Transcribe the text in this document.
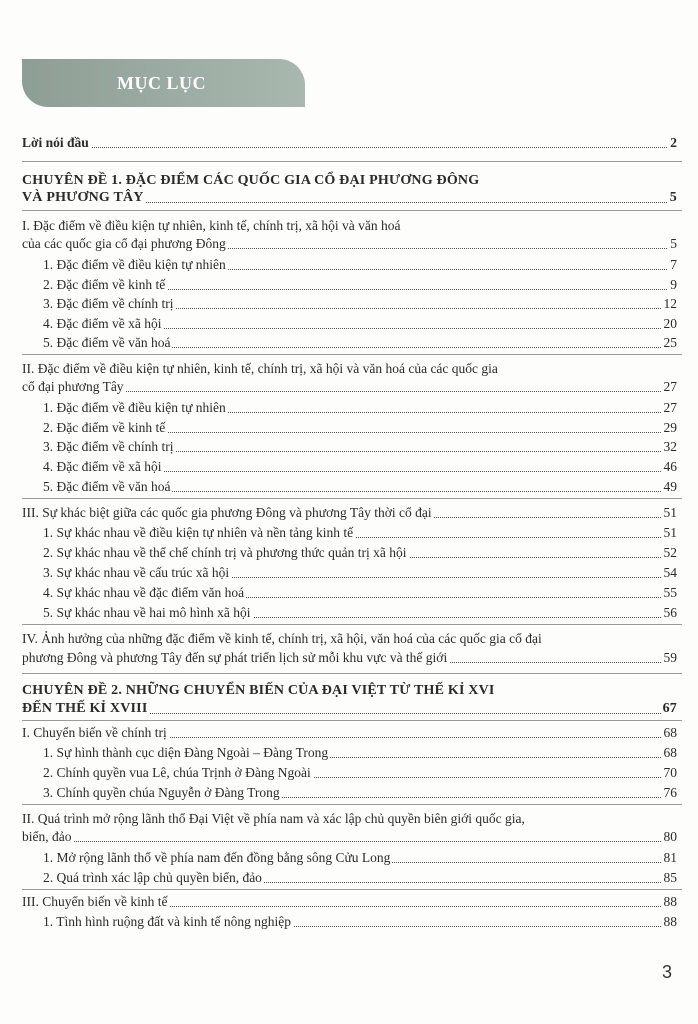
MỤC LỤC
Lời nói đầu	2
CHUYÊN ĐỀ 1. ĐẶC ĐIỂM CÁC QUỐC GIA CỔ ĐẠI PHƯƠNG ĐÔNG
VÀ PHƯƠNG TÂY	5
I. Đặc điểm về điều kiện tự nhiên, kinh tế, chính trị, xã hội và văn hoá
của các quốc gia cổ đại phương Đông	5
1. Đặc điểm về điều kiện tự nhiên	7
2. Đặc điểm về kinh tế	9
3. Đặc điểm về chính trị	12
4. Đặc điểm về xã hội	20
5. Đặc điểm về văn hoá	25
II. Đặc điểm về điều kiện tự nhiên, kinh tế, chính trị, xã hội và văn hoá của các quốc gia
cổ đại phương Tây	27
1. Đặc điểm về điều kiện tự nhiên	27
2. Đặc điểm về kinh tế	29
3. Đặc điểm về chính trị	32
4. Đặc điểm về xã hội	46
5. Đặc điểm về văn hoá	49
III. Sự khác biệt giữa các quốc gia phương Đông và phương Tây thời cổ đại	51
1. Sự khác nhau về điều kiện tự nhiên và nền tảng kinh tế	51
2. Sự khác nhau về thể chế chính trị và phương thức quản trị xã hội	52
3. Sự khác nhau về cấu trúc xã hội	54
4. Sự khác nhau về đặc điểm văn hoá	55
5. Sự khác nhau về hai mô hình xã hội	56
IV. Ảnh hưởng của những đặc điểm về kinh tế, chính trị, xã hội, văn hoá của các quốc gia cổ đại
phương Đông và phương Tây đến sự phát triển lịch sử mỗi khu vực và thế giới	59
CHUYÊN ĐỀ 2. NHỮNG CHUYỂN BIẾN CỦA ĐẠI VIỆT TỪ THẾ KỈ XVI
ĐẾN THẾ KỈ XVIII	67
I. Chuyển biến về chính trị	68
1. Sự hình thành cục diện Đàng Ngoài – Đàng Trong	68
2. Chính quyền vua Lê, chúa Trịnh ở Đàng Ngoài	70
3. Chính quyền chúa Nguyễn ở Đàng Trong	76
II. Quá trình mở rộng lãnh thổ Đại Việt về phía nam và xác lập chủ quyền biên giới quốc gia,
biển, đảo	80
1. Mở rộng lãnh thổ về phía nam đến đồng bằng sông Cửu Long	81
2. Quá trình xác lập chủ quyền biển, đảo	85
III. Chuyển biến về kinh tế	88
1. Tình hình ruộng đất và kinh tế nông nghiệp	88
3
